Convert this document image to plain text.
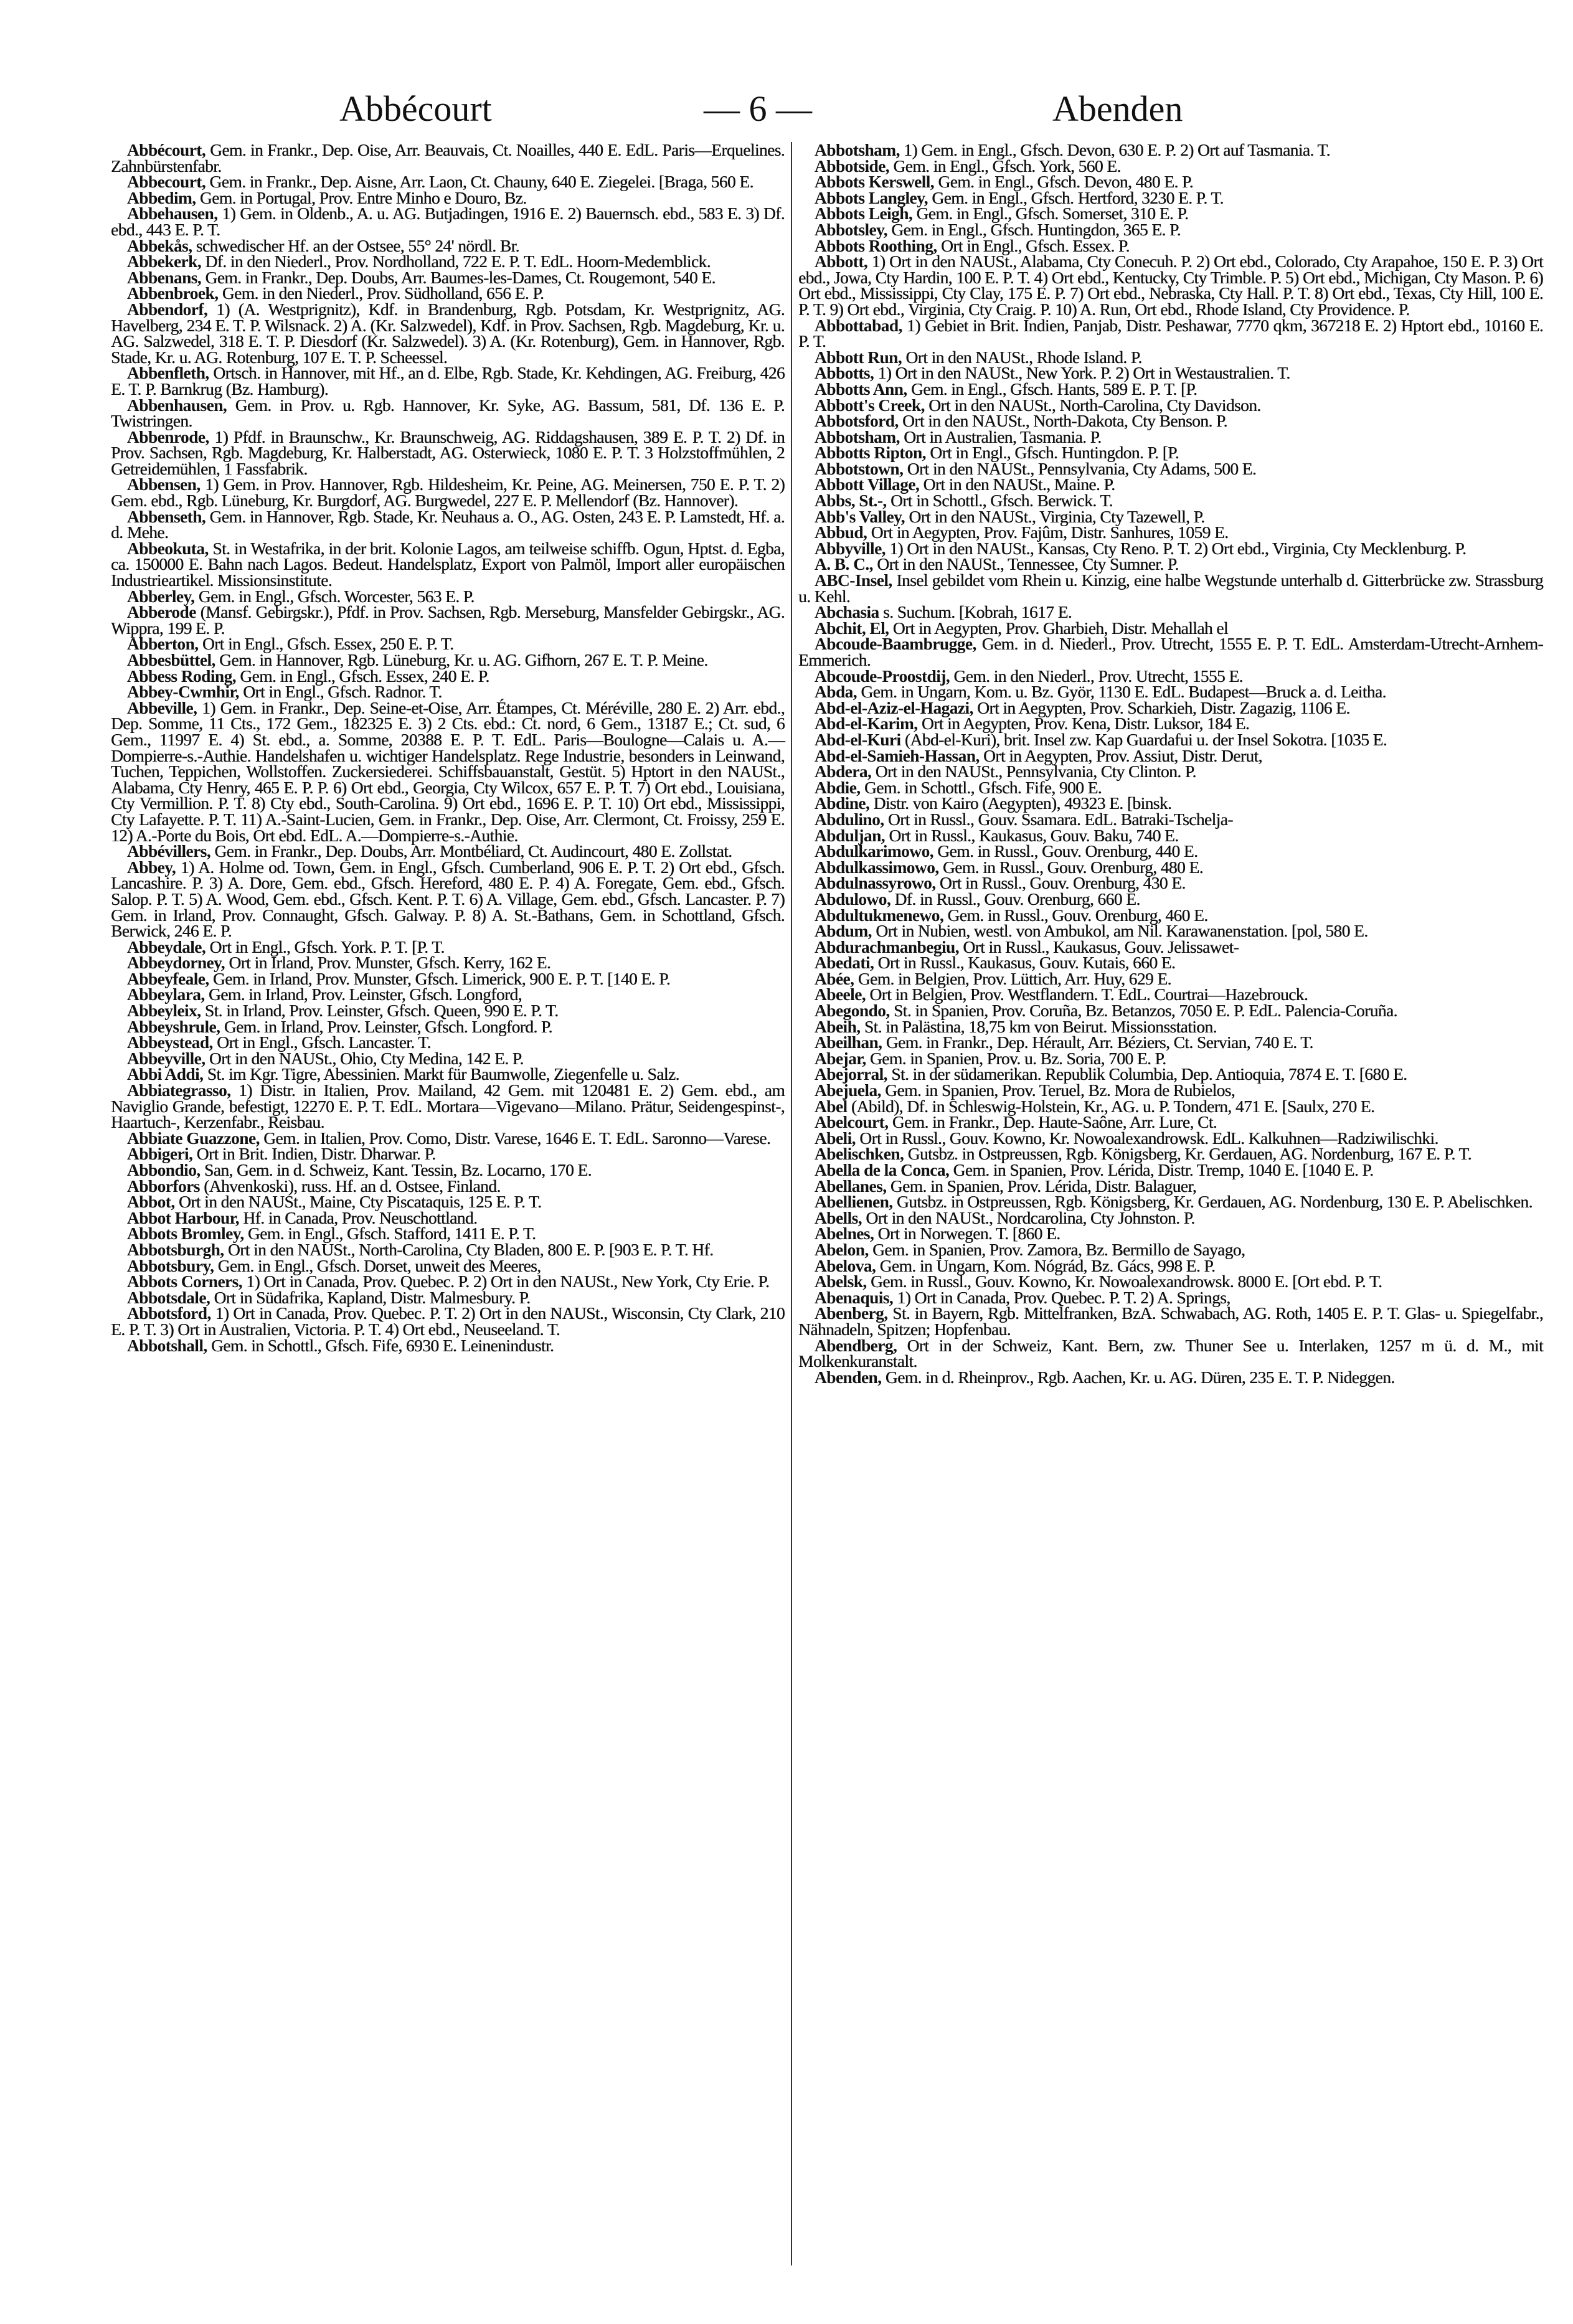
Abbécourt	— 6 —	Abenden

Abbécourt, Gem. in Frankr., Dep. Oise, Arr. Beauvais, Ct. Noailles, 440 E. EdL. Paris—Erquelines. Zahnbürstenfabr.

Abbecourt, Gem. in Frankr., Dep. Aisne, Arr. Laon, Ct. Chauny, 640 E. Ziegelei. [Braga, 560 E.

Abbedim, Gem. in Portugal, Prov. Entre Minho e Douro, Bz.

Abbehausen, 1) Gem. in Oldenb., A. u. AG. Butjadingen, 1916 E. 2) Bauernsch. ebd., 583 E. 3) Df. ebd., 443 E. P. T.

Abbekås, schwedischer Hf. an der Ostsee, 55° 24' nördl. Br.

Abbekerk, Df. in den Niederl., Prov. Nordholland, 722 E. P. T. EdL. Hoorn-Medemblick.

Abbenans, Gem. in Frankr., Dep. Doubs, Arr. Baumes-les-Dames, Ct. Rougemont, 540 E.

Abbenbroek, Gem. in den Niederl., Prov. Südholland, 656 E. P.

Abbendorf, 1) (A. Westprignitz), Kdf. in Brandenburg, Rgb. Potsdam, Kr. Westprignitz, AG. Havelberg, 234 E. T. P. Wilsnack. 2) A. (Kr. Salzwedel), Kdf. in Prov. Sachsen, Rgb. Magdeburg, Kr. u. AG. Salzwedel, 318 E. T. P. Diesdorf (Kr. Salzwedel). 3) A. (Kr. Rotenburg), Gem. in Hannover, Rgb. Stade, Kr. u. AG. Rotenburg, 107 E. T. P. Scheessel.

Abbenfleth, Ortsch. in Hannover, mit Hf., an d. Elbe, Rgb. Stade, Kr. Kehdingen, AG. Freiburg, 426 E. T. P. Barnkrug (Bz. Hamburg).

Abbenhausen, Gem. in Prov. u. Rgb. Hannover, Kr. Syke, AG. Bassum, 581, Df. 136 E. P. Twistringen.

Abbenrode, 1) Pfdf. in Braunschw., Kr. Braunschweig, AG. Riddagshausen, 389 E. P. T. 2) Df. in Prov. Sachsen, Rgb. Magdeburg, Kr. Halberstadt, AG. Osterwieck, 1080 E. P. T. 3 Holzstoffmühlen, 2 Getreidemühlen, 1 Fassfabrik.

Abbensen, 1) Gem. in Prov. Hannover, Rgb. Hildesheim, Kr. Peine, AG. Meinersen, 750 E. P. T. 2) Gem. ebd., Rgb. Lüneburg, Kr. Burgdorf, AG. Burgwedel, 227 E. P. Mellendorf (Bz. Hannover).

Abbenseth, Gem. in Hannover, Rgb. Stade, Kr. Neuhaus a. O., AG. Osten, 243 E. P. Lamstedt, Hf. a. d. Mehe.

Abbeokuta, St. in Westafrika, in der brit. Kolonie Lagos, am teilweise schiffb. Ogun, Hptst. d. Egba, ca. 150000 E. Bahn nach Lagos. Bedeut. Handelsplatz, Export von Palmöl, Import aller europäischen Industrieartikel. Missionsinstitute.

Abberley, Gem. in Engl., Gfsch. Worcester, 563 E. P.

Abberode (Mansf. Gebirgskr.), Pfdf. in Prov. Sachsen, Rgb. Merseburg, Mansfelder Gebirgskr., AG. Wippra, 199 E. P.

Abberton, Ort in Engl., Gfsch. Essex, 250 E. P. T.

Abbesbüttel, Gem. in Hannover, Rgb. Lüneburg, Kr. u. AG. Gifhorn, 267 E. T. P. Meine.

Abbess Roding, Gem. in Engl., Gfsch. Essex, 240 E. P.

Abbey-Cwmhir, Ort in Engl., Gfsch. Radnor. T.

Abbeville, 1) Gem. in Frankr., Dep. Seine-et-Oise, Arr. Étampes, Ct. Méréville, 280 E. 2) Arr. ebd., Dep. Somme, 11 Cts., 172 Gem., 182325 E. 3) 2 Cts. ebd.: Ct. nord, 6 Gem., 13187 E.; Ct. sud, 6 Gem., 11997 E. 4) St. ebd., a. Somme, 20388 E. P. T. EdL. Paris—Boulogne—Calais u. A.—Dompierre-s.-Authie. Handelshafen u. wichtiger Handelsplatz. Rege Industrie, besonders in Leinwand, Tuchen, Teppichen, Wollstoffen. Zuckersiederei. Schiffsbauanstalt, Gestüt. 5) Hptort in den NAUSt., Alabama, Cty Henry, 465 E. P. P. 6) Ort ebd., Georgia, Cty Wilcox, 657 E. P. T. 7) Ort ebd., Louisiana, Cty Vermillion. P. T. 8) Cty ebd., South-Carolina. 9) Ort ebd., 1696 E. P. T. 10) Ort ebd., Mississippi, Cty Lafayette. P. T. 11) A.-Saint-Lucien, Gem. in Frankr., Dep. Oise, Arr. Clermont, Ct. Froissy, 259 E. 12) A.-Porte du Bois, Ort ebd. EdL. A.—Dompierre-s.-Authie.

Abbévillers, Gem. in Frankr., Dep. Doubs, Arr. Montbéliard, Ct. Audincourt, 480 E. Zollstat.

Abbey, 1) A. Holme od. Town, Gem. in Engl., Gfsch. Cumberland, 906 E. P. T. 2) Ort ebd., Gfsch. Lancashire. P. 3) A. Dore, Gem. ebd., Gfsch. Hereford, 480 E. P. 4) A. Foregate, Gem. ebd., Gfsch. Salop. P. T. 5) A. Wood, Gem. ebd., Gfsch. Kent. P. T. 6) A. Village, Gem. ebd., Gfsch. Lancaster. P. 7) Gem. in Irland, Prov. Connaught, Gfsch. Galway. P. 8) A. St.-Bathans, Gem. in Schottland, Gfsch. Berwick, 246 E. P.

Abbeydale, Ort in Engl., Gfsch. York. P. T. [P. T.

Abbeydorney, Ort in Irland, Prov. Munster, Gfsch. Kerry, 162 E.

Abbeyfeale, Gem. in Irland, Prov. Munster, Gfsch. Limerick, 900 E. P. T. [140 E. P.

Abbeylara, Gem. in Irland, Prov. Leinster, Gfsch. Longford,

Abbeyleix, St. in Irland, Prov. Leinster, Gfsch. Queen, 990 E. P. T.

Abbeyshrule, Gem. in Irland, Prov. Leinster, Gfsch. Longford. P.

Abbeystead, Ort in Engl., Gfsch. Lancaster. T.

Abbeyville, Ort in den NAUSt., Ohio, Cty Medina, 142 E. P.

Abbi Addi, St. im Kgr. Tigre, Abessinien. Markt für Baumwolle, Ziegenfelle u. Salz.

Abbiategrasso, 1) Distr. in Italien, Prov. Mailand, 42 Gem. mit 120481 E. 2) Gem. ebd., am Naviglio Grande, befestigt, 12270 E. P. T. EdL. Mortara—Vigevano—Milano. Prätur, Seidengespinst-, Haartuch-, Kerzenfabr., Reisbau.

Abbiate Guazzone, Gem. in Italien, Prov. Como, Distr. Varese, 1646 E. T. EdL. Saronno—Varese.

Abbigeri, Ort in Brit. Indien, Distr. Dharwar. P.

Abbondio, San, Gem. in d. Schweiz, Kant. Tessin, Bz. Locarno, 170 E.

Abborfors (Ahvenkoski), russ. Hf. an d. Ostsee, Finland.

Abbot, Ort in den NAUSt., Maine, Cty Piscataquis, 125 E. P. T.

Abbot Harbour, Hf. in Canada, Prov. Neuschottland.

Abbots Bromley, Gem. in Engl., Gfsch. Stafford, 1411 E. P. T.

Abbotsburgh, Ort in den NAUSt., North-Carolina, Cty Bladen, 800 E. P. [903 E. P. T. Hf.

Abbotsbury, Gem. in Engl., Gfsch. Dorset, unweit des Meeres,

Abbots Corners, 1) Ort in Canada, Prov. Quebec. P. 2) Ort in den NAUSt., New York, Cty Erie. P.

Abbotsdale, Ort in Südafrika, Kapland, Distr. Malmesbury. P.

Abbotsford, 1) Ort in Canada, Prov. Quebec. P. T. 2) Ort in den NAUSt., Wisconsin, Cty Clark, 210 E. P. T. 3) Ort in Australien, Victoria. P. T. 4) Ort ebd., Neuseeland. T.

Abbotshall, Gem. in Schottl., Gfsch. Fife, 6930 E. Leinenindustr.

Abbotsham, 1) Gem. in Engl., Gfsch. Devon, 630 E. P. 2) Ort auf Tasmania. T.

Abbotside, Gem. in Engl., Gfsch. York, 560 E.

Abbots Kerswell, Gem. in Engl., Gfsch. Devon, 480 E. P.

Abbots Langley, Gem. in Engl., Gfsch. Hertford, 3230 E. P. T.

Abbots Leigh, Gem. in Engl., Gfsch. Somerset, 310 E. P.

Abbotsley, Gem. in Engl., Gfsch. Huntingdon, 365 E. P.

Abbots Roothing, Ort in Engl., Gfsch. Essex. P.

Abbott, 1) Ort in den NAUSt., Alabama, Cty Conecuh. P. 2) Ort ebd., Colorado, Cty Arapahoe, 150 E. P. 3) Ort ebd., Jowa, Cty Hardin, 100 E. P. T. 4) Ort ebd., Kentucky, Cty Trimble. P. 5) Ort ebd., Michigan, Cty Mason. P. 6) Ort ebd., Mississippi, Cty Clay, 175 E. P. 7) Ort ebd., Nebraska, Cty Hall. P. T. 8) Ort ebd., Texas, Cty Hill, 100 E. P. T. 9) Ort ebd., Virginia, Cty Craig. P. 10) A. Run, Ort ebd., Rhode Island, Cty Providence. P.

Abbottabad, 1) Gebiet in Brit. Indien, Panjab, Distr. Peshawar, 7770 qkm, 367218 E. 2) Hptort ebd., 10160 E. P. T.

Abbott Run, Ort in den NAUSt., Rhode Island. P.

Abbotts, 1) Ort in den NAUSt., New York. P. 2) Ort in Westaustralien. T.

Abbotts Ann, Gem. in Engl., Gfsch. Hants, 589 E. P. T. [P.

Abbott's Creek, Ort in den NAUSt., North-Carolina, Cty Davidson.

Abbotsford, Ort in den NAUSt., North-Dakota, Cty Benson. P.

Abbotsham, Ort in Australien, Tasmania. P.

Abbotts Ripton, Ort in Engl., Gfsch. Huntingdon. P. [P.

Abbotstown, Ort in den NAUSt., Pennsylvania, Cty Adams, 500 E.

Abbott Village, Ort in den NAUSt., Maine. P.

Abbs, St.-, Ort in Schottl., Gfsch. Berwick. T.

Abb's Valley, Ort in den NAUSt., Virginia, Cty Tazewell, P.

Abbud, Ort in Aegypten, Prov. Fajûm, Distr. Sanhures, 1059 E.

Abbyville, 1) Ort in den NAUSt., Kansas, Cty Reno. P. T. 2) Ort ebd., Virginia, Cty Mecklenburg. P.

A. B. C., Ort in den NAUSt., Tennessee, Cty Sumner. P.

ABC-Insel, Insel gebildet vom Rhein u. Kinzig, eine halbe Wegstunde unterhalb d. Gitterbrücke zw. Strassburg u. Kehl.

Abchasia s. Suchum. [Kobrah, 1617 E.

Abchit, El, Ort in Aegypten, Prov. Gharbieh, Distr. Mehallah el

Abcoude-Baambrugge, Gem. in d. Niederl., Prov. Utrecht, 1555 E. P. T. EdL. Amsterdam-Utrecht-Arnhem-Emmerich.

Abcoude-Proostdij, Gem. in den Niederl., Prov. Utrecht, 1555 E.

Abda, Gem. in Ungarn, Kom. u. Bz. Györ, 1130 E. EdL. Budapest—Bruck a. d. Leitha.

Abd-el-Aziz-el-Hagazi, Ort in Aegypten, Prov. Scharkieh, Distr. Zagazig, 1106 E.

Abd-el-Karim, Ort in Aegypten, Prov. Kena, Distr. Luksor, 184 E.

Abd-el-Kuri (Abd-el-Kuri), brit. Insel zw. Kap Guardafui u. der Insel Sokotra. [1035 E.

Abd-el-Samieh-Hassan, Ort in Aegypten, Prov. Assiut, Distr. Derut,

Abdera, Ort in den NAUSt., Pennsylvania, Cty Clinton. P.

Abdie, Gem. in Schottl., Gfsch. Fife, 900 E.

Abdine, Distr. von Kairo (Aegypten), 49323 E. [binsk.

Abdulino, Ort in Russl., Gouv. Ssamara. EdL. Batraki-Tscheljа-

Abduljan, Ort in Russl., Kaukasus, Gouv. Baku, 740 E.

Abdulkarimowo, Gem. in Russl., Gouv. Orenburg, 440 E.

Abdulkassimowo, Gem. in Russl., Gouv. Orenburg, 480 E.

Abdulnassyrowo, Ort in Russl., Gouv. Orenburg, 430 E.

Abdulowo, Df. in Russl., Gouv. Orenburg, 660 E.

Abdultukmenewo, Gem. in Russl., Gouv. Orenburg, 460 E.

Abdum, Ort in Nubien, westl. von Ambukol, am Nil. Karawanenstation. [pol, 580 E.

Abdurachmanbegiu, Ort in Russl., Kaukasus, Gouv. Jelissawet-

Abedati, Ort in Russl., Kaukasus, Gouv. Kutais, 660 E.

Abée, Gem. in Belgien, Prov. Lüttich, Arr. Huy, 629 E.

Abeele, Ort in Belgien, Prov. Westflandern. T. EdL. Courtrai—Hazebrouck.

Abegondo, St. in Spanien, Prov. Coruña, Bz. Betanzos, 7050 E. P. EdL. Palencia-Coruña.

Abeih, St. in Palästina, 18,75 km von Beirut. Missionsstation.

Abeilhan, Gem. in Frankr., Dep. Hérault, Arr. Béziers, Ct. Servian, 740 E. T.

Abejar, Gem. in Spanien, Prov. u. Bz. Soria, 700 E. P.

Abejorral, St. in der südamerikan. Republik Columbia, Dep. Antioquia, 7874 E. T. [680 E.

Abejuela, Gem. in Spanien, Prov. Teruel, Bz. Mora de Rubielos,

Abel (Abild), Df. in Schleswig-Holstein, Kr., AG. u. P. Tondern, 471 E. [Saulx, 270 E.

Abelcourt, Gem. in Frankr., Dep. Haute-Saône, Arr. Lure, Ct.

Abeli, Ort in Russl., Gouv. Kowno, Kr. Nowoalexandrowsk. EdL. Kalkuhnen—Radziwilischki.

Abelischken, Gutsbz. in Ostpreussen, Rgb. Königsberg, Kr. Gerdauen, AG. Nordenburg, 167 E. P. T.

Abella de la Conca, Gem. in Spanien, Prov. Lérida, Distr. Tremp, 1040 E. [1040 E. P.

Abellanes, Gem. in Spanien, Prov. Lérida, Distr. Balaguer,

Abellienen, Gutsbz. in Ostpreussen, Rgb. Königsberg, Kr. Gerdauen, AG. Nordenburg, 130 E. P. Abelischken.

Abells, Ort in den NAUSt., Nordcarolina, Cty Johnston. P.

Abelnes, Ort in Norwegen. T. [860 E.

Abelon, Gem. in Spanien, Prov. Zamora, Bz. Bermillo de Sayago,

Abelova, Gem. in Ungarn, Kom. Nógrád, Bz. Gács, 998 E. P.

Abelsk, Gem. in Russl., Gouv. Kowno, Kr. Nowoalexandrowsk. 8000 E. [Ort ebd. P. T.

Abenaquis, 1) Ort in Canada, Prov. Quebec. P. T. 2) A. Springs,

Abenberg, St. in Bayern, Rgb. Mittelfranken, BzA. Schwabach, AG. Roth, 1405 E. P. T. Glas- u. Spiegelfabr., Nähnadeln, Spitzen; Hopfenbau.

Abendberg, Ort in der Schweiz, Kant. Bern, zw. Thuner See u. Interlaken, 1257 m ü. d. M., mit Molkenkuranstalt.

Abenden, Gem. in d. Rheinprov., Rgb. Aachen, Kr. u. AG. Düren, 235 E. T. P. Nideggen.
